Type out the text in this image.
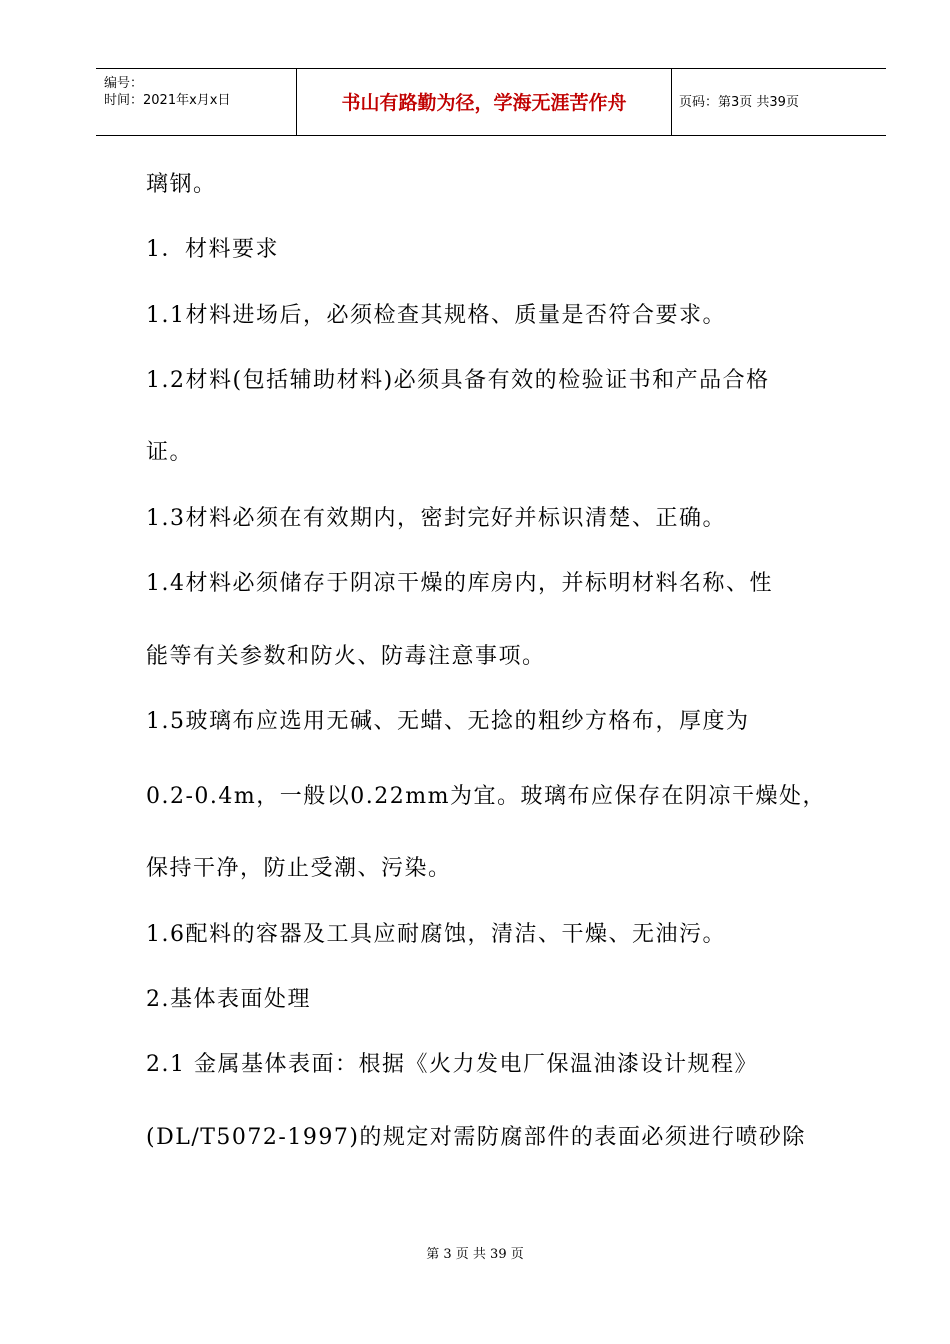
编号：
时间：2021年x月x日	书山有路勤为径，学海无涯苦作舟	页码：第3页 共39页
璃钢。
1．材料要求
1.1材料进场后，必须检查其规格、质量是否符合要求。
1.2材料(包括辅助材料)必须具备有效的检验证书和产品合格
证。
1.3材料必须在有效期内，密封完好并标识清楚、正确。
1.4材料必须储存于阴凉干燥的库房内，并标明材料名称、性
能等有关参数和防火、防毒注意事项。
1.5玻璃布应选用无碱、无蜡、无捻的粗纱方格布，厚度为
0.2-0.4m，一般以0.22mm为宜。玻璃布应保存在阴凉干燥处，
保持干净，防止受潮、污染。
1.6配料的容器及工具应耐腐蚀，清洁、干燥、无油污。
2.基体表面处理
2.1 金属基体表面：根据《火力发电厂保温油漆设计规程》
(DL/T5072-1997)的规定对需防腐部件的表面必须进行喷砂除
第 3 页 共 39 页
